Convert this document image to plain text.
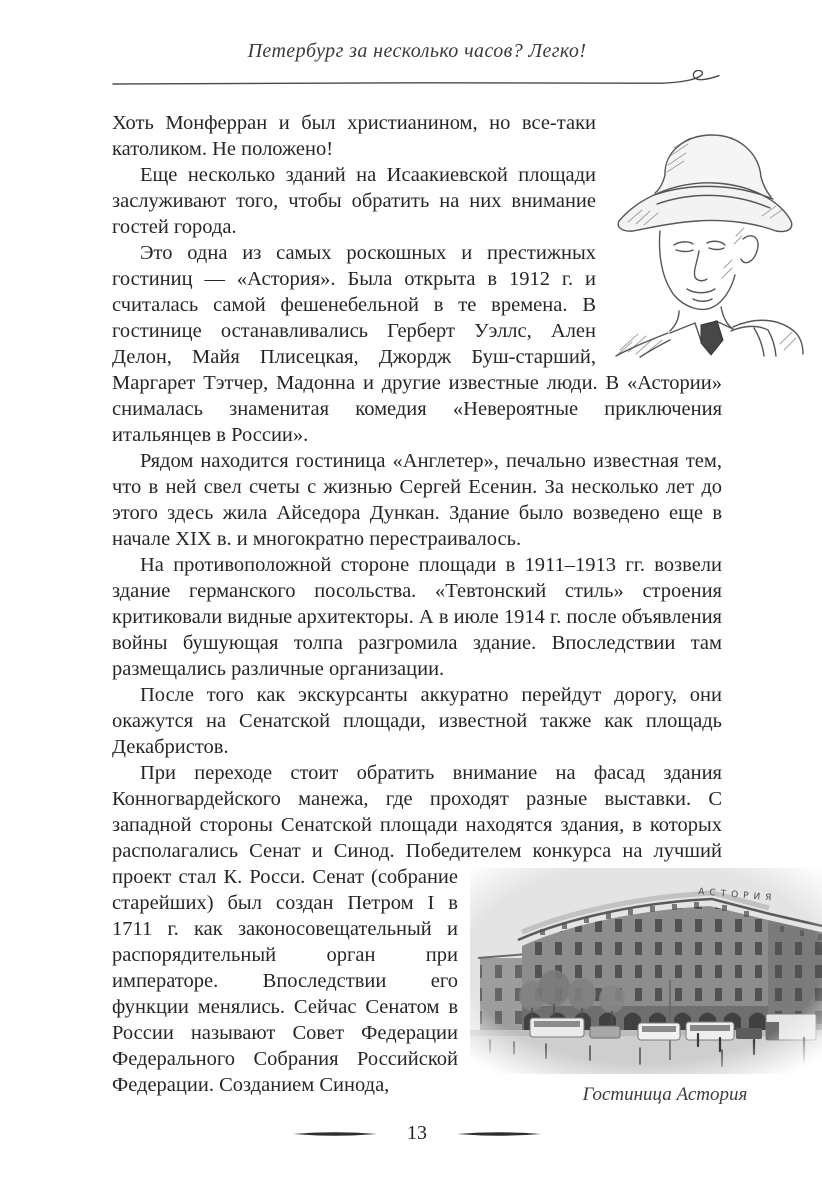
Петербург за несколько часов? Легко!

Хоть Монферран и был христианином, но все-таки католиком. Не положено!

Еще несколько зданий на Исаакиевской площади заслуживают того, чтобы обратить на них внимание гостей города.

Это одна из самых роскошных и престижных гостиниц — «Астория». Была открыта в 1912 г. и считалась самой фешенебельной в те времена. В гостинице останавливались Герберт Уэллс, Ален Делон, Майя Плисецкая, Джордж Буш-старший, Маргарет Тэтчер, Мадонна и другие известные люди. В «Астории» снималась знаменитая комедия «Невероятные приключения итальянцев в России».

Рядом находится гостиница «Англетер», печально известная тем, что в ней свел счеты с жизнью Сергей Есенин. За несколько лет до этого здесь жила Айседора Дункан. Здание было возведено еще в начале XIX в. и многократно перестраивалось.

На противоположной стороне площади в 1911–1913 гг. возвели здание германского посольства. «Тевтонский стиль» строения критиковали видные архитекторы. А в июле 1914 г. после объявления войны бушующая толпа разгромила здание. Впоследствии там размещались различные организации.

После того как экскурсанты аккуратно перейдут дорогу, они окажутся на Сенатской площади, известной также как площадь Декабристов.

При переходе стоит обратить внимание на фасад здания Конногвардейского манежа, где проходят разные выставки. С западной стороны Сенатской площади находятся здания, в которых располагались Сенат и Синод. Победителем конкурса
Гостиница Астория
на лучший проект стал К. Росси. Сенат (собрание старейших) был создан Петром I в 1711 г. как законосовещательный и распорядительный орган при императоре. Впоследствии его функции менялись. Сейчас Сенатом в России называют Совет Федерации Федерального Собрания Российской Федерации. Созданием Синода,

13
